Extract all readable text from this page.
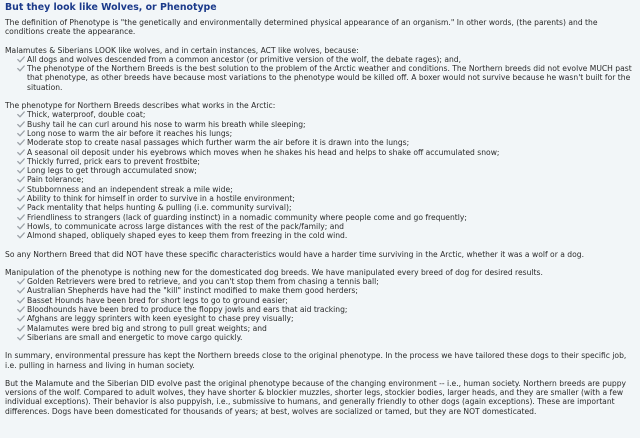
But they look like Wolves, or Phenotype

The definition of Phenotype is "the genetically and environmentally determined physical appearance of an organism." In other words, (the parents) and the conditions create the appearance.

Malamutes & Siberians LOOK like wolves, and in certain instances, ACT like wolves, because:

All dogs and wolves descended from a common ancestor (or primitive version of the wolf, the debate rages); and,
The phenotype of the Northern Breeds is the best solution to the problem of the Arctic weather and conditions. The Northern breeds did not evolve MUCH past that phenotype, as other breeds have because most variations to the phenotype would be killed off. A boxer would not survive because he wasn't built for the situation.

The phenotype for Northern Breeds describes what works in the Arctic:

Thick, waterproof, double coat;
Bushy tail he can curl around his nose to warm his breath while sleeping;
Long nose to warm the air before it reaches his lungs;
Moderate stop to create nasal passages which further warm the air before it is drawn into the lungs;
A seasonal oil deposit under his eyebrows which moves when he shakes his head and helps to shake off accumulated snow;
Thickly furred, prick ears to prevent frostbite;
Long legs to get through accumulated snow;
Pain tolerance;
Stubbornness and an independent streak a mile wide;
Ability to think for himself in order to survive in a hostile environment;
Pack mentality that helps hunting & pulling (i.e. community survival);
Friendliness to strangers (lack of guarding instinct) in a nomadic community where people come and go frequently;
Howls, to communicate across large distances with the rest of the pack/family; and
Almond shaped, obliquely shaped eyes to keep them from freezing in the cold wind.

So any Northern Breed that did NOT have these specific characteristics would have a harder time surviving in the Arctic, whether it was a wolf or a dog.

Manipulation of the phenotype is nothing new for the domesticated dog breeds. We have manipulated every breed of dog for desired results.

Golden Retrievers were bred to retrieve, and you can't stop them from chasing a tennis ball;
Australian Shepherds have had the "kill" instinct modified to make them good herders;
Basset Hounds have been bred for short legs to go to ground easier;
Bloodhounds have been bred to produce the floppy jowls and ears that aid tracking;
Afghans are leggy sprinters with keen eyesight to chase prey visually;
Malamutes were bred big and strong to pull great weights; and
Siberians are small and energetic to move cargo quickly.

In summary, environmental pressure has kept the Northern breeds close to the original phenotype. In the process we have tailored these dogs to their specific job, i.e. pulling in harness and living in human society.

But the Malamute and the Siberian DID evolve past the original phenotype because of the changing environment -- i.e., human society. Northern breeds are puppy versions of the wolf. Compared to adult wolves, they have shorter & blockier muzzles, shorter legs, stockier bodies, larger heads, and they are smaller (with a few individual exceptions). Their behavior is also puppyish, i.e., submissive to humans, and generally friendly to other dogs (again exceptions). These are important differences. Dogs have been domesticated for thousands of years; at best, wolves are socialized or tamed, but they are NOT domesticated.
